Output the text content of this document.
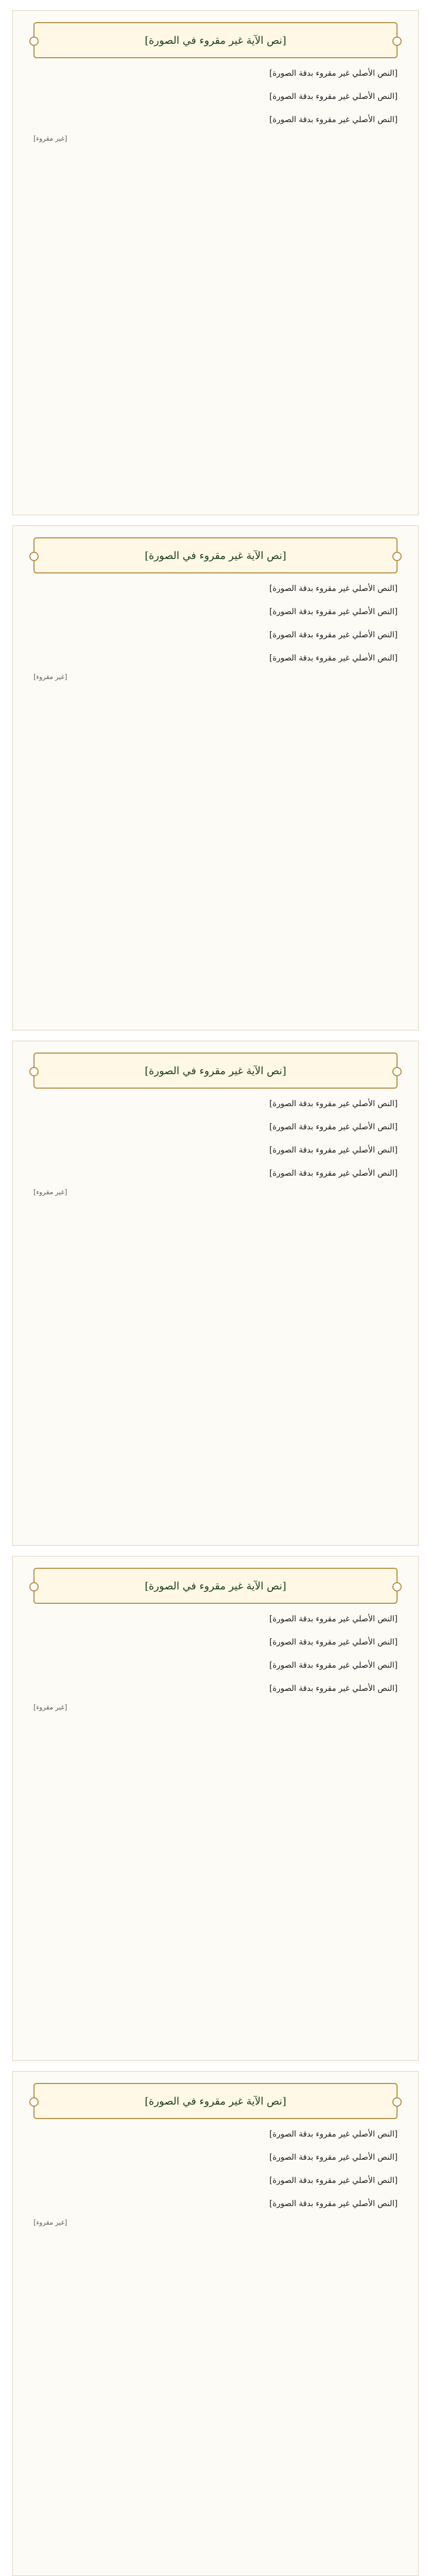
[نص الآية غير مقروء في الصورة]
[النص الأصلي غير مقروء بدقة الصورة]
[النص الأصلي غير مقروء بدقة الصورة]
[النص الأصلي غير مقروء بدقة الصورة]
[غير مقروء]
[نص الآية غير مقروء في الصورة]
[النص الأصلي غير مقروء بدقة الصورة]
[النص الأصلي غير مقروء بدقة الصورة]
[النص الأصلي غير مقروء بدقة الصورة]
[النص الأصلي غير مقروء بدقة الصورة]
[غير مقروء]
[نص الآية غير مقروء في الصورة]
[النص الأصلي غير مقروء بدقة الصورة]
[النص الأصلي غير مقروء بدقة الصورة]
[النص الأصلي غير مقروء بدقة الصورة]
[النص الأصلي غير مقروء بدقة الصورة]
[غير مقروء]
[نص الآية غير مقروء في الصورة]
[النص الأصلي غير مقروء بدقة الصورة]
[النص الأصلي غير مقروء بدقة الصورة]
[النص الأصلي غير مقروء بدقة الصورة]
[النص الأصلي غير مقروء بدقة الصورة]
[غير مقروء]
[نص الآية غير مقروء في الصورة]
[النص الأصلي غير مقروء بدقة الصورة]
[النص الأصلي غير مقروء بدقة الصورة]
[النص الأصلي غير مقروء بدقة الصورة]
[النص الأصلي غير مقروء بدقة الصورة]
[غير مقروء]
